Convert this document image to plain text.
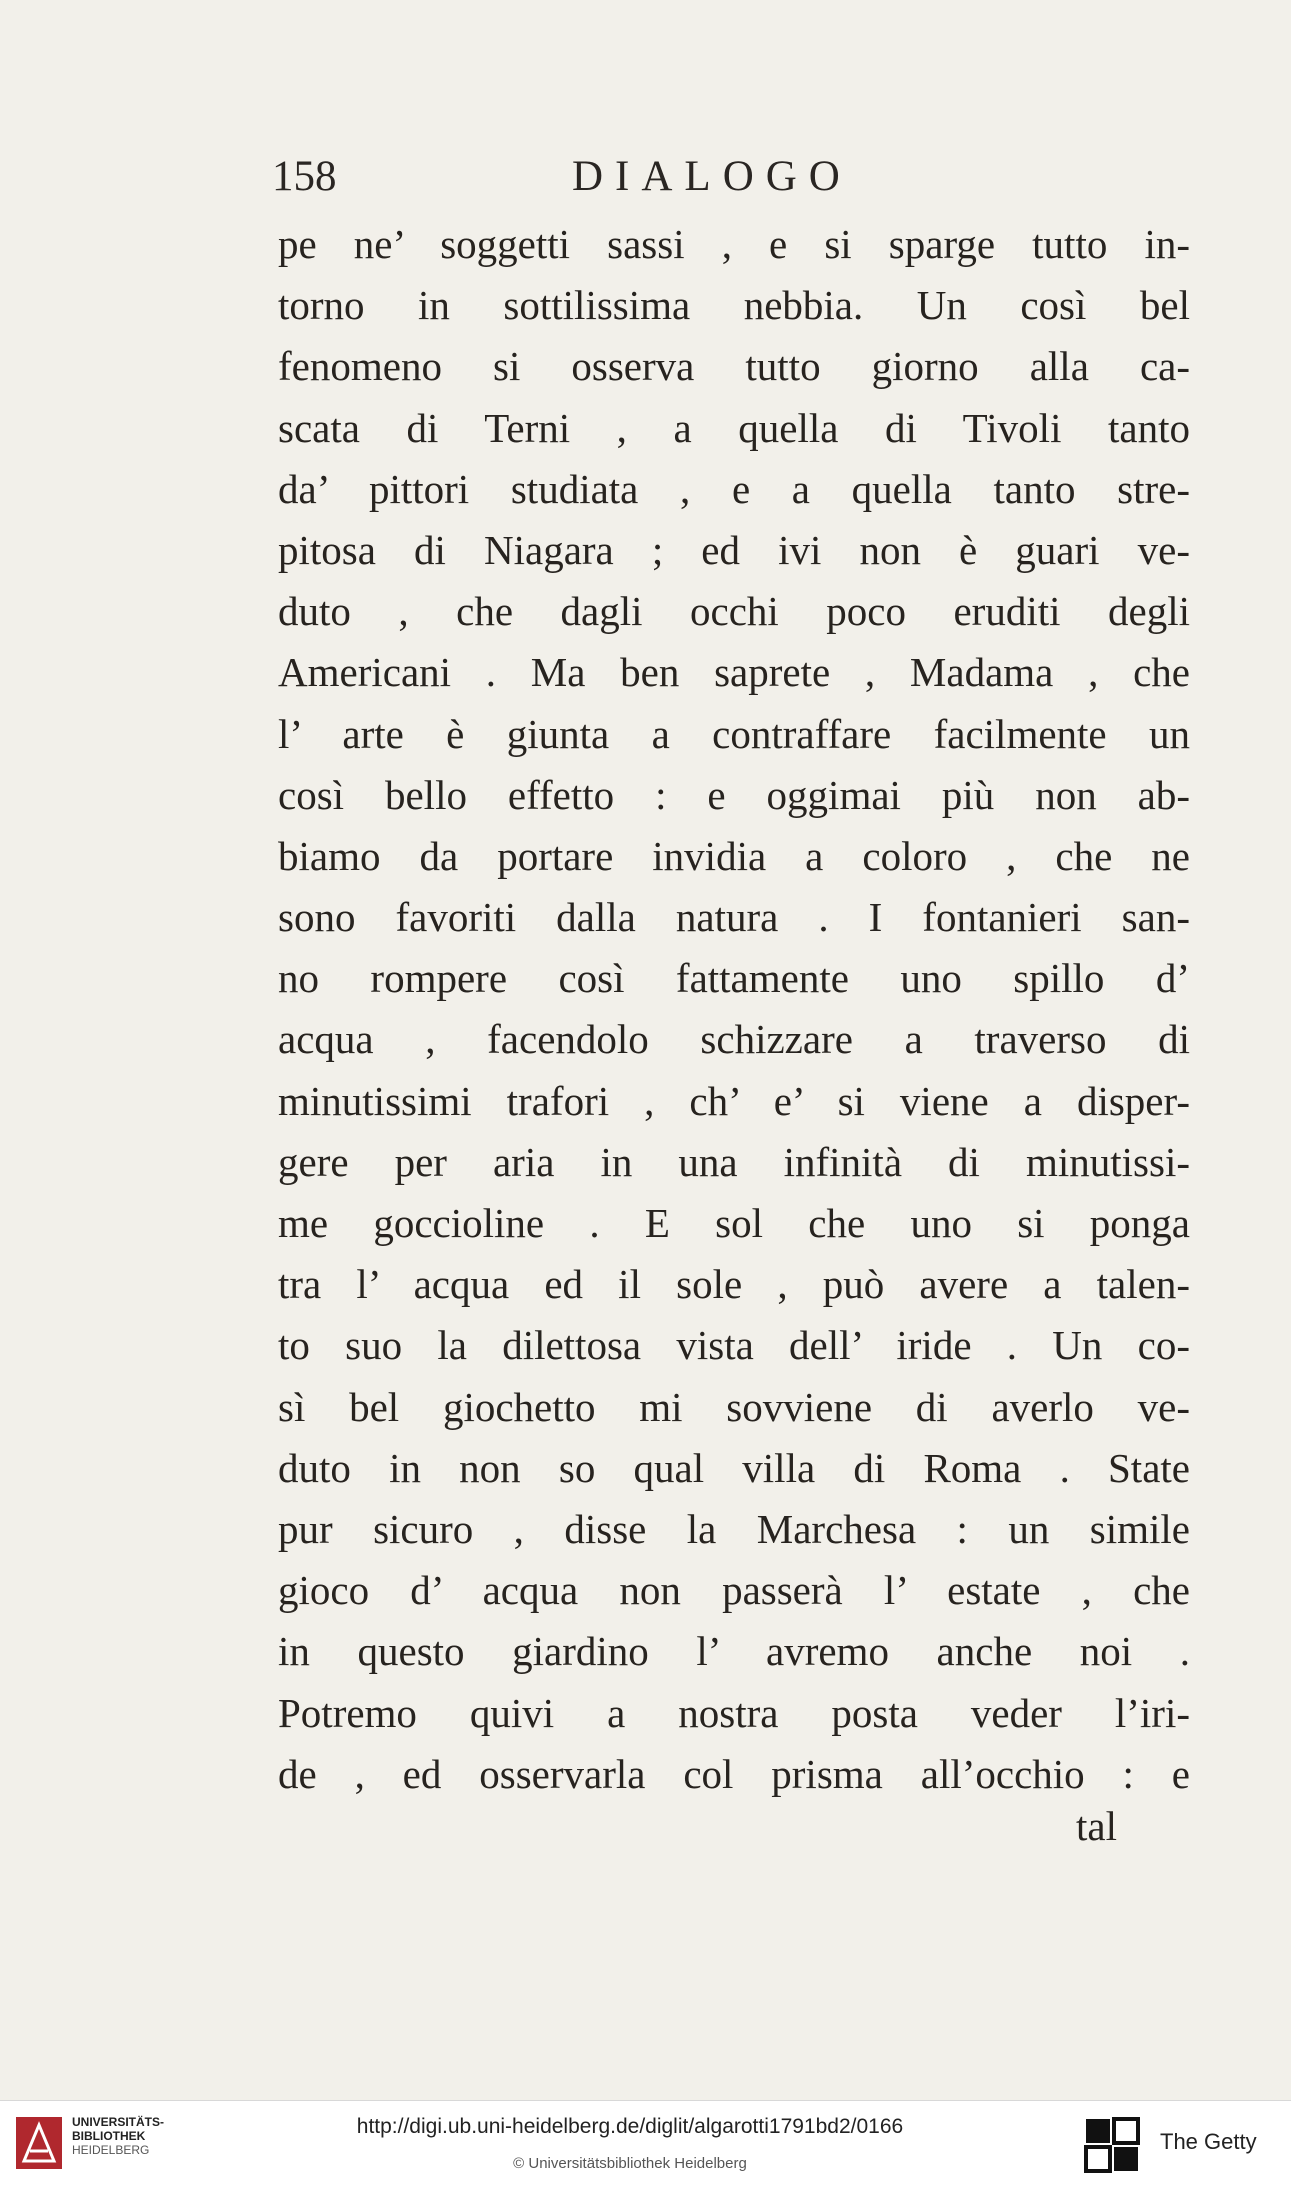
158	DIALOGO
pe ne’ soggetti sassi , e si sparge tutto in-
torno in sottilissima nebbia. Un così bel
fenomeno si osserva tutto giorno alla ca-
scata di Terni , a quella di Tivoli tanto
da’ pittori studiata , e a quella tanto stre-
pitosa di Niagara ; ed ivi non è guari ve-
duto , che dagli occhi poco eruditi degli
Americani . Ma ben saprete , Madama , che
l’ arte è giunta a contraffare facilmente un
così bello effetto : e oggimai più non ab-
biamo da portare invidia a coloro , che ne
sono favoriti dalla natura . I fontanieri san-
no rompere così fattamente uno spillo d’
acqua , facendolo schizzare a traverso di
minutissimi trafori , ch’ e’ si viene a disper-
gere per aria in una infinità di minutissi-
me goccioline . E sol che uno si ponga
tra l’ acqua ed il sole , può avere a talen-
to suo la dilettosa vista dell’ iride . Un co-
sì bel giochetto mi sovviene di averlo ve-
duto in non so qual villa di Roma . State
pur sicuro , disse la Marchesa : un simile
gioco d’ acqua non passerà l’ estate , che
in questo giardino l’ avremo anche noi .
Potremo quivi a nostra posta veder l’iri-
de , ed osservarla col prisma all’occhio : e
tal
UNIVERSITÄTS-
BIBLIOTHEK
HEIDELBERG
http://digi.ub.uni-heidelberg.de/diglit/algarotti1791bd2/0166
© Universitätsbibliothek Heidelberg
The Getty
